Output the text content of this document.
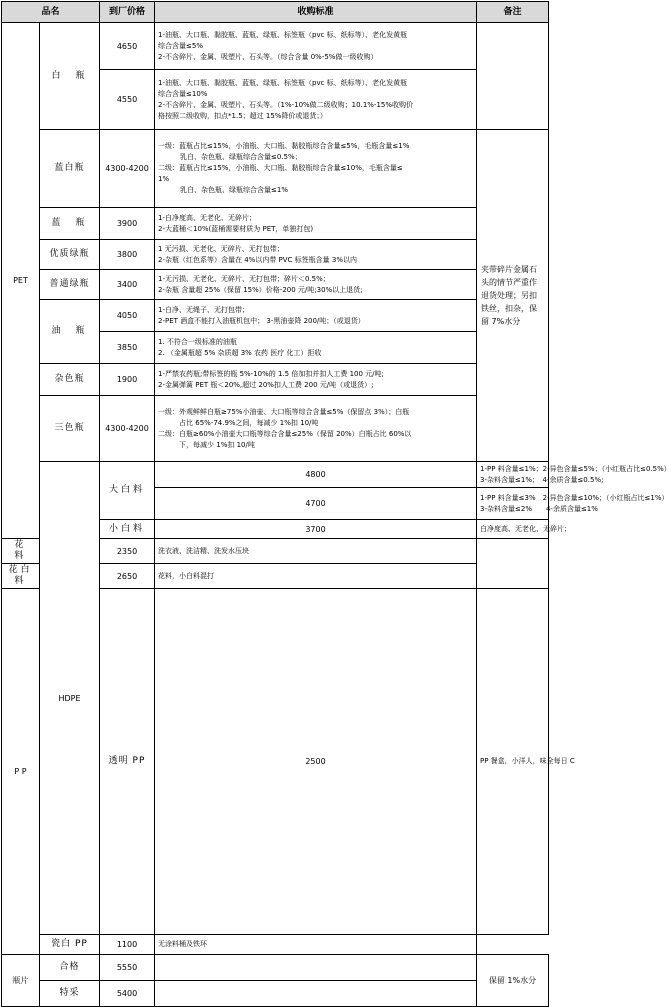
品名		到厂价格	收购标准	备注	
PET	白　瓶	4650	1-油瓶、大口瓶、黏胶瓶、蓝瓶、绿瓶、标签瓶（pvc 标、纸标等）、老化发黄瓶
综合含量≤5%
2-不含碎片、金属、吸塑片、石头等。（综合含量 0%-5%做一级收购）		

		4550	1-油瓶、大口瓶、黏胶瓶、蓝瓶、绿瓶、标签瓶（pvc 标、纸标等）、老化发黄瓶
综合含量≤10%
2-不含碎片、金属、吸塑片、石头等。（1%-10%做二级收购；10.1%-15%收购价
格按照二级收购，扣点*1.5；超过 15%降价或退货；）		

	蓝白瓶	4300-4200	一级：蓝瓶占比≤15%，小油瓶、大口瓶、黏胶瓶综合含量≤5%，毛瓶含量≤1%
乳白、杂色瓶、绿瓶综合含量≤0.5%；
二级：蓝瓶占比≤15%，小油瓶、大口瓶、黏胶瓶综合含量≤10%，毛瓶含量≤
1%
乳白、杂色瓶、绿瓶综合含量≤1%	夹带碎片金属石头的情节严重作退货处理；另扣铁丝，扣杂，保留 7%水分	
	蓝　瓶	3900	1-白净度高、无老化、无碎片；
2-大蓝桶＜10%(蓝桶需要材质为 PET，单独打包)		

	优质绿瓶	3800	1 无污损、无老化、无碎片、无打包带；
2-杂瓶（红色系等）含量在 4%以内带 PVC 标签瓶含量 3%以内		

	普通绿瓶	3400	1-无污损、无老化、无碎片、无打包带；碎片＜0.5%；
2-杂瓶 含量超 25%（保留 15%）价格-200 元/吨;30%以上退货;		

	油　瓶	4050	1-白净、无绳子、无打包带；
2-PET 酒盒不能打入油瓶机包中； 3-黑油壶降 200/吨；（或退货）		

		3850	1. 不符合一级标准的油瓶
2. （金属瓶超 5% 杂质超 3% 农药 医疗 化工）拒收		

	杂色瓶	1900	1-严禁农药瓶;带标签的瓶 5%-10%的 1.5 倍加扣并扣人工费 100 元/吨;
2-金属弹簧 PET 瓶＜20%,超过 20%扣人工费 200 元/吨（或退货）;		

	三色瓶	4300-4200	一级：外观鲜鲜白瓶≥75%小油壶、大口瓶等综合含量≤5%（保留点 3%）；白瓶
　　　占比 65%-74.9%之间，每减少 1%扣 10/吨
二级：白瓶≥60%小油壶大口瓶等综合含量≤25%（保留 20%）白瓶占比 60%以
　　　下，每减少 1%扣 10/吨		

	HDPE	大白料	4800	1-PP 料含量≤1%；2-异色含量≤5%；（小红瓶占比≤0.5%）
3-杂料含量≤1%；　4-余质含量≤0.5%;

			4700	1-PP 料含量≤3%　2-异色含量≤10%；（小红瓶占比≤1%）
3-杂料含量≤2%　　4-余质含量≤1%	

		小白料	3700	白净度高、无老化、无碎片；	

花　料		2350	洗衣液、洗洁精、洗发水压块		

花白料		2650	花料，小白料混打		

P P		透明 PP	2500	PP 餐盒，小洋人，味全每日 C	

	瓷白 PP	1100	无涂料桶及铁环		

瓶片	合格	5550		保留 1%水分	
	特采	5400			
